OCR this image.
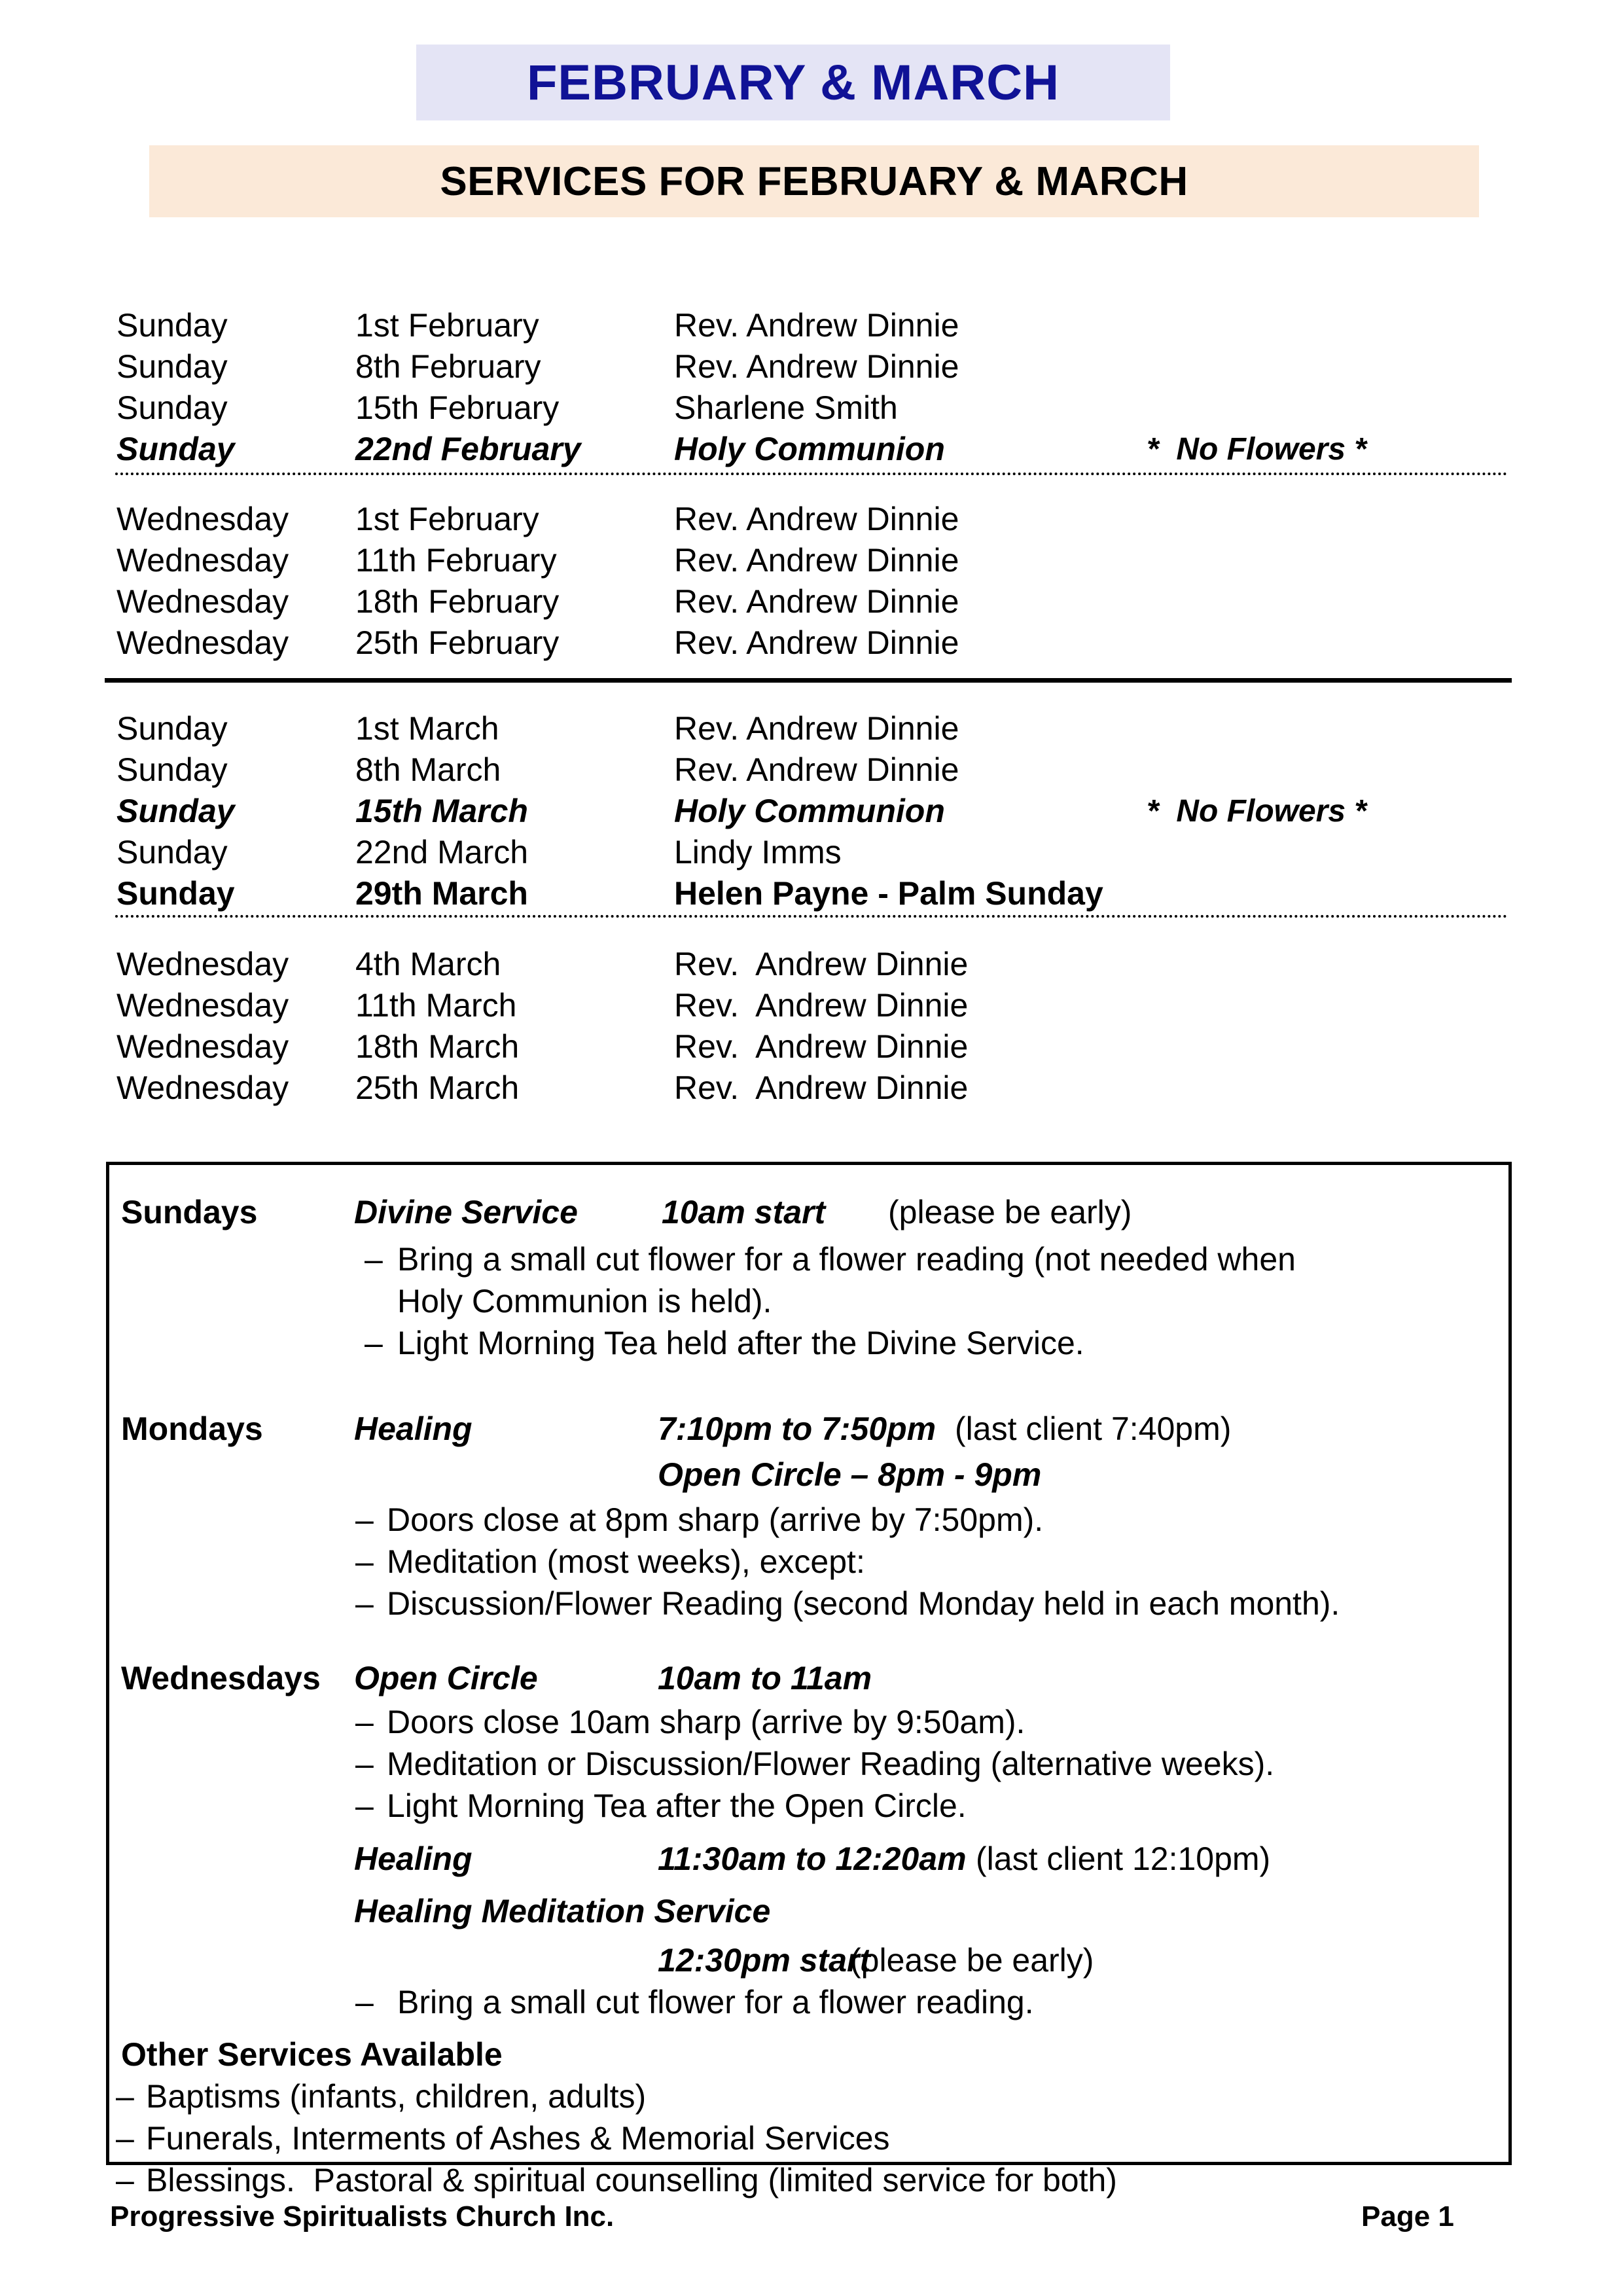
FEBRUARY & MARCH
SERVICES FOR FEBRUARY & MARCH
Sunday	1st February	Rev. Andrew Dinnie
Sunday	8th February	Rev. Andrew Dinnie
Sunday	15th February	Sharlene Smith
Sunday	22nd February	Holy Communion	*  No Flowers *
Wednesday 1st February	Rev. Andrew Dinnie
Wednesday 11th February	Rev. Andrew Dinnie
Wednesday 18th February	Rev. Andrew Dinnie
Wednesday 25th February	Rev. Andrew Dinnie
Sunday	1st March	Rev. Andrew Dinnie
Sunday	8th March	Rev. Andrew Dinnie
Sunday	15th March	Holy Communion	*  No Flowers *
Sunday	22nd March	Lindy Imms
Sunday	29th March	Helen Payne - Palm Sunday
Wednesday 4th March	Rev.  Andrew Dinnie
Wednesday 11th March	Rev.  Andrew Dinnie
Wednesday 18th March	Rev.  Andrew Dinnie
Wednesday 25th March	Rev.  Andrew Dinnie
Sundays	Divine Service	10am start (please be early)
– Bring a small cut flower for a flower reading (not needed when
Holy Communion is held).
– Light Morning Tea held after the Divine Service.
Mondays	Healing	7:10pm to 7:50pm (last client 7:40pm)
Open Circle – 8pm - 9pm
– Doors close at 8pm sharp (arrive by 7:50pm).
– Meditation (most weeks), except:
– Discussion/Flower Reading (second Monday held in each month).
Wednesdays Open Circle	10am to 11am
– Doors close 10am sharp (arrive by 9:50am).
– Meditation or Discussion/Flower Reading (alternative weeks).
– Light Morning Tea after the Open Circle.
Healing	11:30am to 12:20am (last client 12:10pm)
Healing Meditation Service
12:30pm start
(please be early)
– Bring a small cut flower for a flower reading.
Other Services Available
– Baptisms (infants, children, adults)
– Funerals, Interments of Ashes & Memorial Services
– Blessings.  Pastoral & spiritual counselling (limited service for both)
Progressive Spiritualists Church Inc.	Page 1
